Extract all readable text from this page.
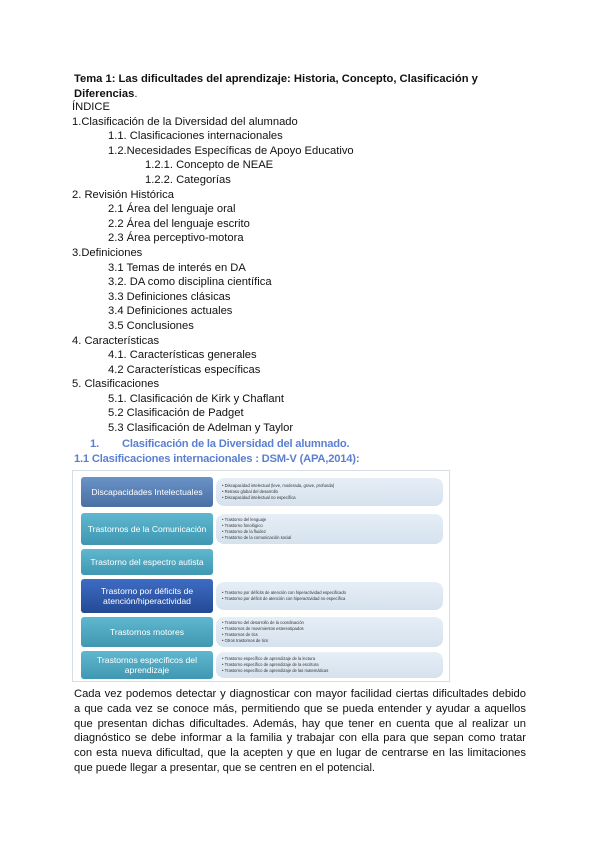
Tema 1: Las dificultades del aprendizaje: Historia, Concepto, Clasificación y Diferencias.
ÍNDICE
1.Clasificación de la Diversidad del alumnado
1.1. Clasificaciones internacionales
1.2.Necesidades Específicas de Apoyo Educativo
1.2.1. Concepto de NEAE
1.2.2. Categorías
2. Revisión Histórica
2.1 Área del lenguaje oral
2.2 Área del lenguaje escrito
2.3 Área perceptivo-motora
3.Definiciones
3.1 Temas de interés en DA
3.2. DA como disciplina científica
3.3 Definiciones clásicas
3.4 Definiciones actuales
3.5 Conclusiones
4. Características
4.1. Características generales
4.2 Características específicas
5. Clasificaciones
5.1. Clasificación de Kirk y Chaflant
5.2 Clasificación de Padget
5.3 Clasificación de Adelman y Taylor
1. Clasificación de la Diversidad del alumnado.
1.1 Clasificaciones internacionales : DSM-V (APA,2014):
Discapacidades Intelectuales
• Discapacidad intelectual (leve, moderada, grave, profunda)
• Retraso global del desarrollo
• Discapacidad intelectual no específica
Trastornos de la Comunicación
• Trastorno del lenguaje
• Trastorno fonológico
• Trastorno de la fluidez
• Trastorno de la comunicación social
Trastorno del espectro autista
Trastorno por déficits de atención/hiperactividad
• Trastorno por déficits de atención con hiperactividad especificado
• Trastorno por déficit de atención con hiperactividad no específica
Trastornos motores
• Trastorno del desarrollo de la coordinación
• Trastornos de movimientos estereotipados
• Trastornos de tics
• Otros trastornos de tics
Trastornos específicos del aprendizaje
• Trastorno específico de aprendizaje de la lectura
• Trastorno específico de aprendizaje de la escritura
• Trastorno específico de aprendizaje de las matemáticas
Cada vez podemos detectar y diagnosticar con mayor facilidad ciertas dificultades debido a que cada vez se conoce más, permitiendo que se pueda entender y ayudar a aquellos que presentan dichas dificultades. Además, hay que tener en cuenta que al realizar un diagnóstico se debe informar a la familia y trabajar con ella para que sepan como tratar con esta nueva dificultad, que la acepten y que en lugar de centrarse en las limitaciones que puede llegar a presentar, que se centren en el potencial.
